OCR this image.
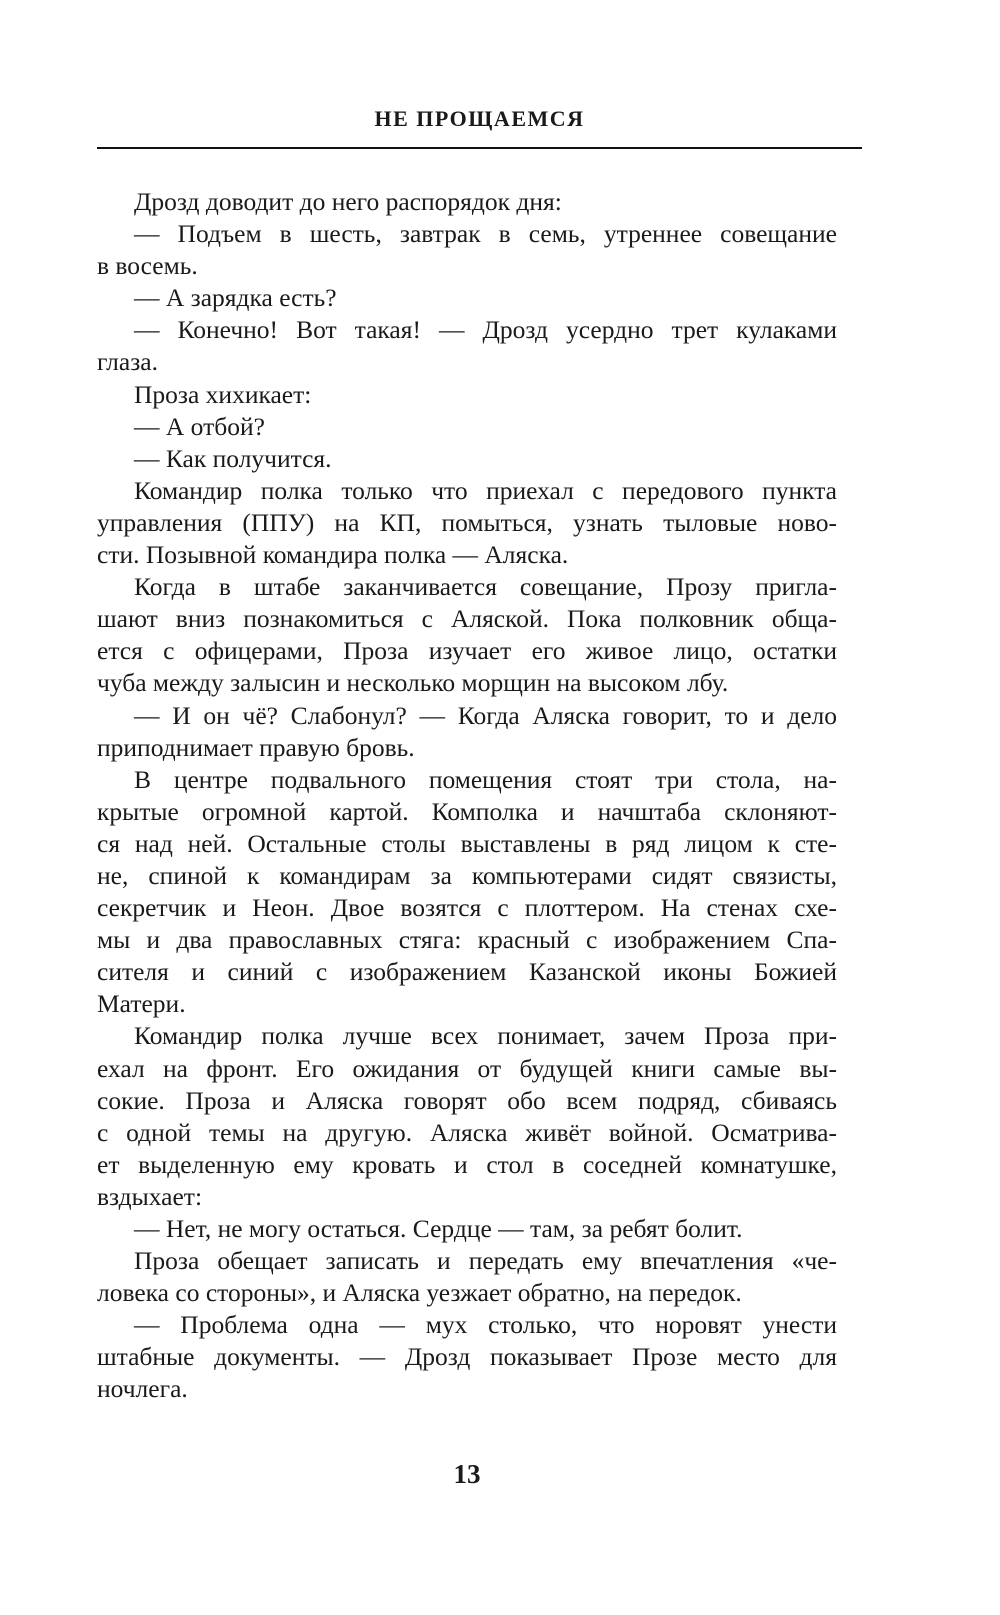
НЕ ПРОЩАЕМСЯ
Дрозд доводит до него распорядок дня:
— Подъем в шесть, завтрак в семь, утреннее совещание
в восемь.
— А зарядка есть?
— Конечно! Вот такая! — Дрозд усердно трет кулаками
глаза.
Проза хихикает:
— А отбой?
— Как получится.
Командир полка только что приехал с передового пункта
управления (ППУ) на КП, помыться, узнать тыловые ново-
сти. Позывной командира полка — Аляска.
Когда в штабе заканчивается совещание, Прозу пригла-
шают вниз познакомиться с Аляской. Пока полковник обща-
ется с офицерами, Проза изучает его живое лицо, остатки
чуба между залысин и несколько морщин на высоком лбу.
— И он чё? Слабонул? — Когда Аляска говорит, то и дело
приподнимает правую бровь.
В центре подвального помещения стоят три стола, на-
крытые огромной картой. Комполка и начштаба склоняют-
ся над ней. Остальные столы выставлены в ряд лицом к сте-
не, спиной к командирам за компьютерами сидят связисты,
секретчик и Неон. Двое возятся с плоттером. На стенах схе-
мы и два православных стяга: красный с изображением Спа-
сителя и синий с изображением Казанской иконы Божией
Матери.
Командир полка лучше всех понимает, зачем Проза при-
ехал на фронт. Его ожидания от будущей книги самые вы-
сокие. Проза и Аляска говорят обо всем подряд, сбиваясь
с одной темы на другую. Аляска живёт войной. Осматрива-
ет выделенную ему кровать и стол в соседней комнатушке,
вздыхает:
— Нет, не могу остаться. Сердце — там, за ребят болит.
Проза обещает записать и передать ему впечатления «че-
ловека со стороны», и Аляска уезжает обратно, на передок.
— Проблема одна — мух столько, что норовят унести
штабные документы. — Дрозд показывает Прозе место для
ночлега.
13
